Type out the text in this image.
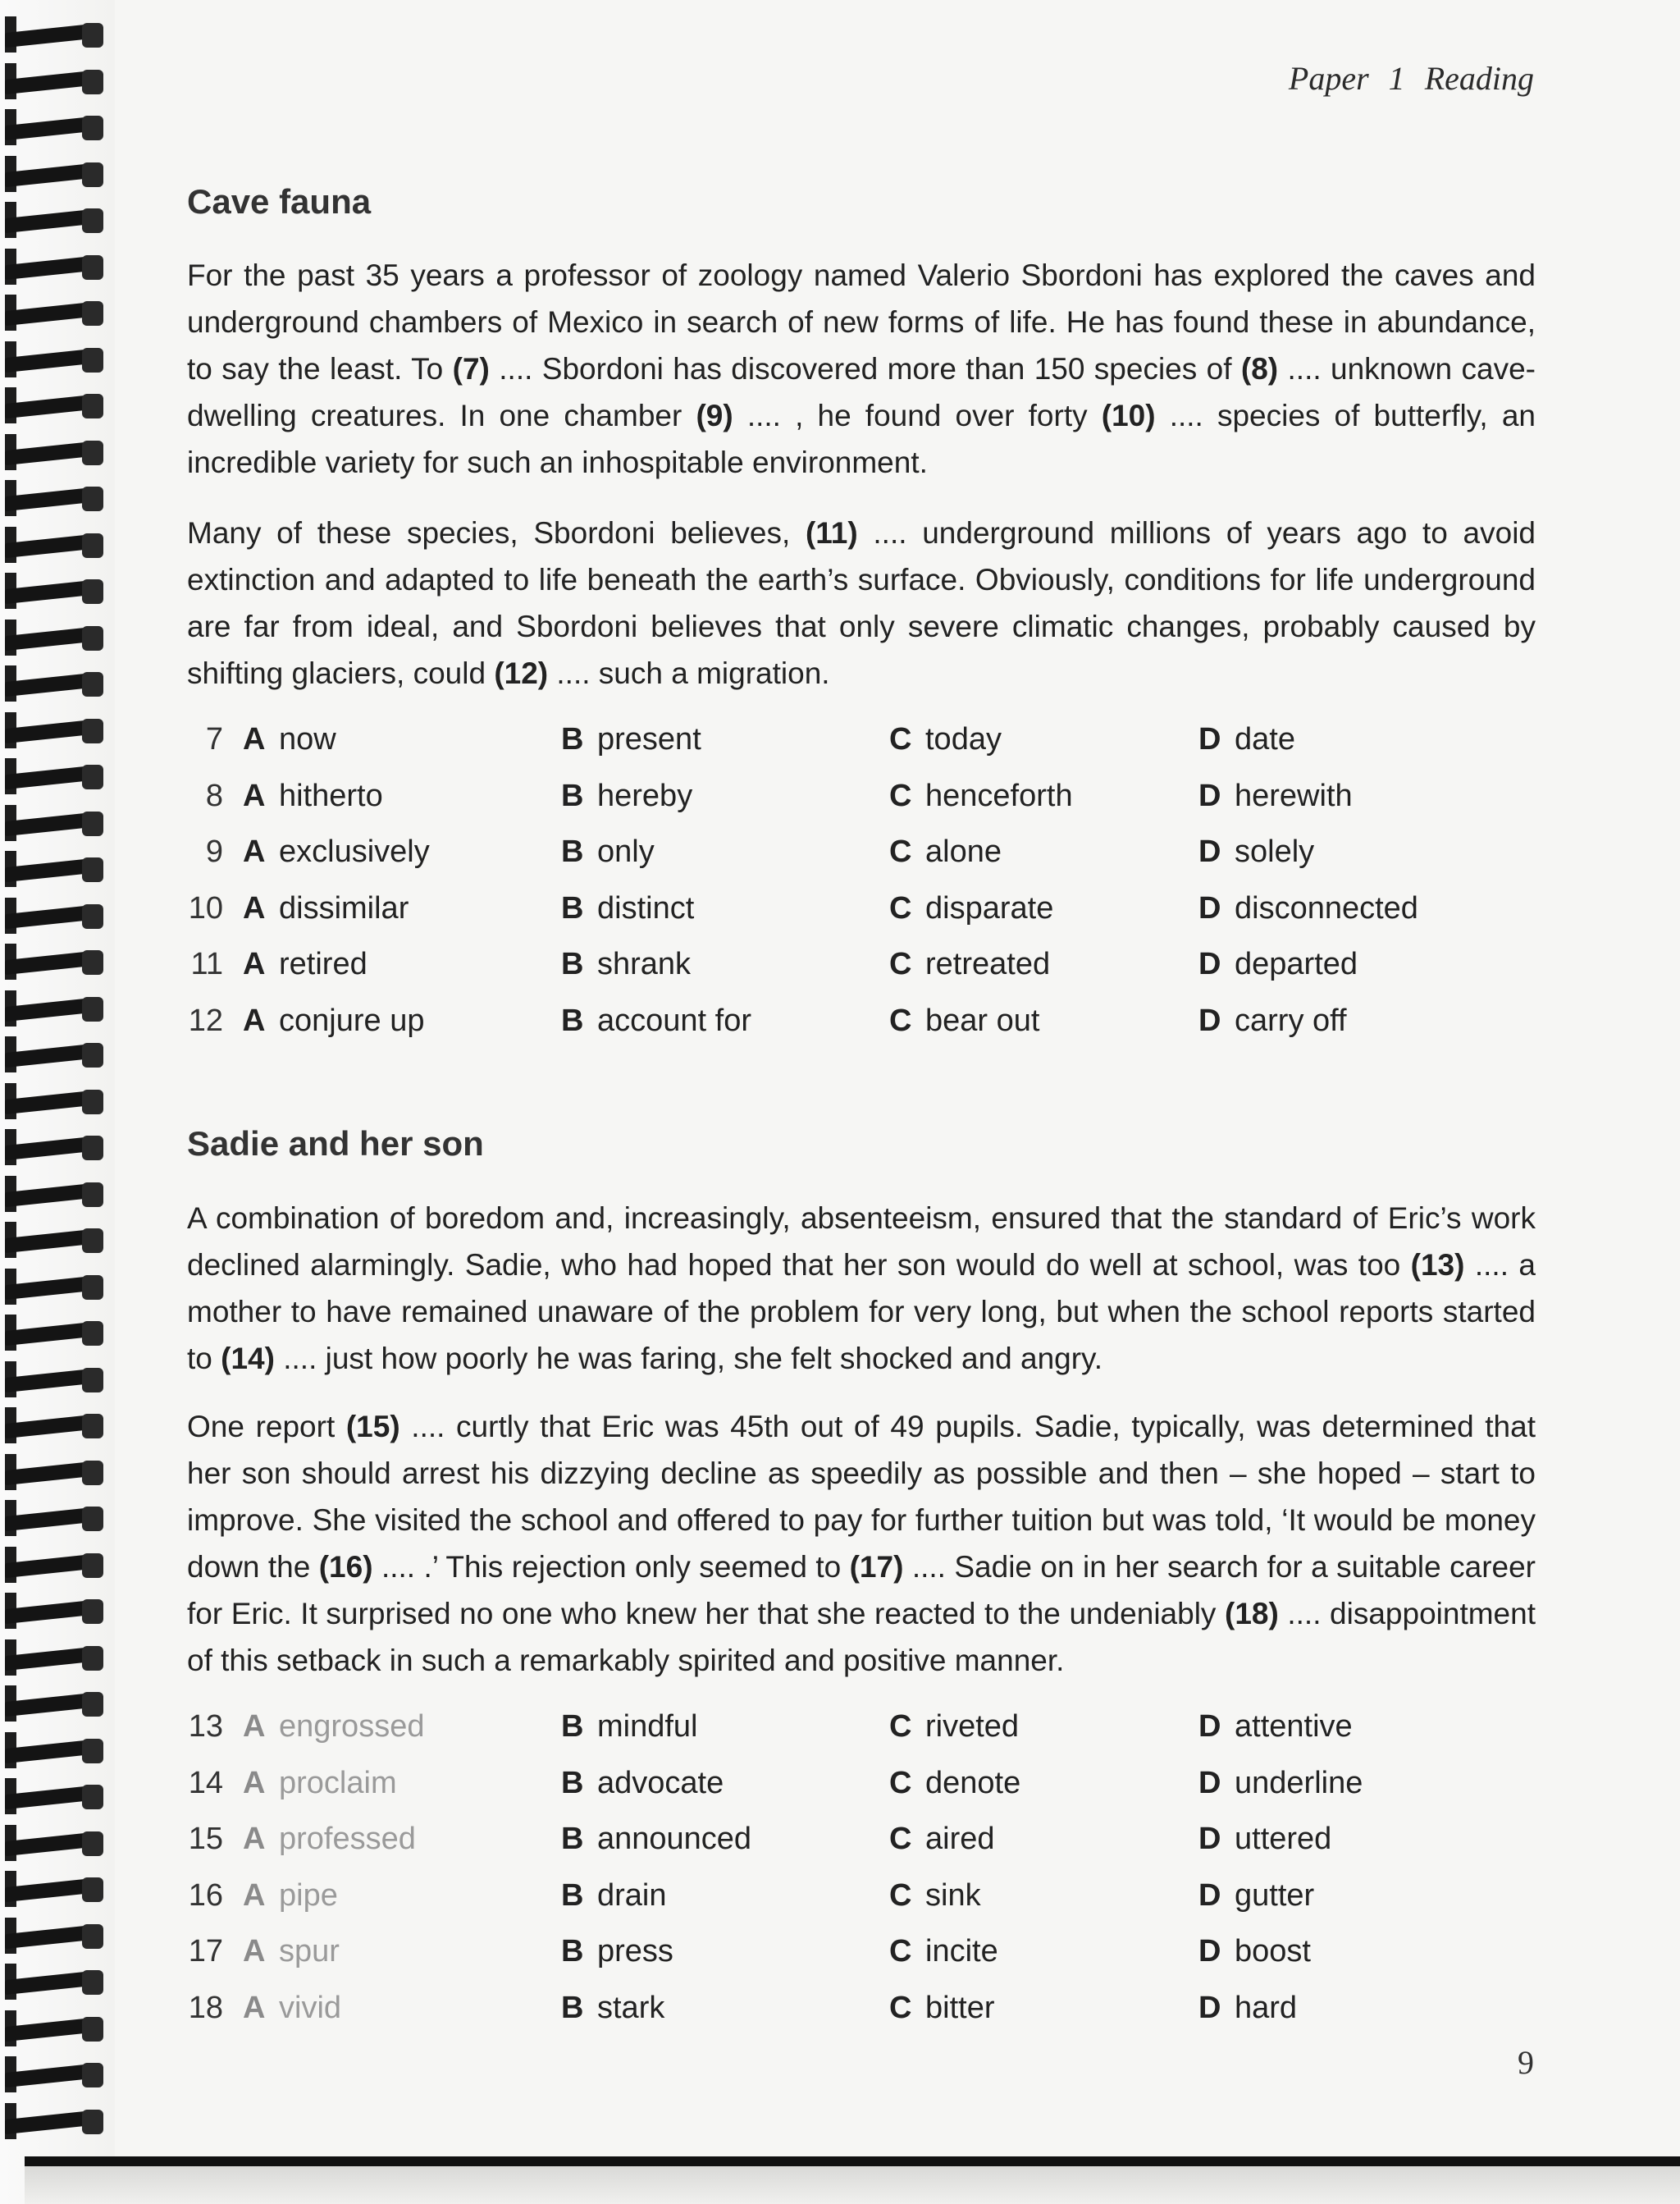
Paper 1 Reading
Cave fauna

For the past 35 years a professor of zoology named Valerio Sbordoni has explored the caves and underground chambers of Mexico in search of new forms of life. He has found these in abundance, to say the least. To (7) .... Sbordoni has discovered more than 150 species of (8) .... unknown cave-dwelling creatures. In one chamber (9) .... , he found over forty (10) .... species of butterfly, an incredible variety for such an inhospitable environment.

Many of these species, Sbordoni believes, (11) .... underground millions of years ago to avoid extinction and adapted to life beneath the earth’s surface. Obviously, conditions for life underground are far from ideal, and Sbordoni believes that only severe climatic changes, probably caused by shifting glaciers, could (12) .... such a migration.

7 A now	B present	C today	D date
8 A hitherto	B hereby	C henceforth	D herewith
9 A exclusively	B only	C alone	D solely
10 A dissimilar	B distinct	C disparate	D disconnected
11 A retired	B shrank	C retreated	D departed
12 A conjure up	B account for	C bear out	D carry off
Sadie and her son

A combination of boredom and, increasingly, absenteeism, ensured that the standard of Eric’s work declined alarmingly. Sadie, who had hoped that her son would do well at school, was too (13) .... a mother to have remained unaware of the problem for very long, but when the school reports started to (14) .... just how poorly he was faring, she felt shocked and angry.

One report (15) .... curtly that Eric was 45th out of 49 pupils. Sadie, typically, was determined that her son should arrest his dizzying decline as speedily as possible and then – she hoped – start to improve. She visited the school and offered to pay for further tuition but was told, ‘It would be money down the (16) .... .’ This rejection only seemed to (17) .... Sadie on in her search for a suitable career for Eric. It surprised no one who knew her that she reacted to the undeniably (18) .... disappointment of this setback in such a remarkably spirited and positive manner.

13 A engrossed	B mindful	C riveted	D attentive
14 A proclaim	B advocate	C denote	D underline
15 A professed	B announced	C aired	D uttered
16 A pipe	B drain	C sink	D gutter
17 A spur	B press	C incite	D boost
18 A vivid	B stark	C bitter	D hard
9
